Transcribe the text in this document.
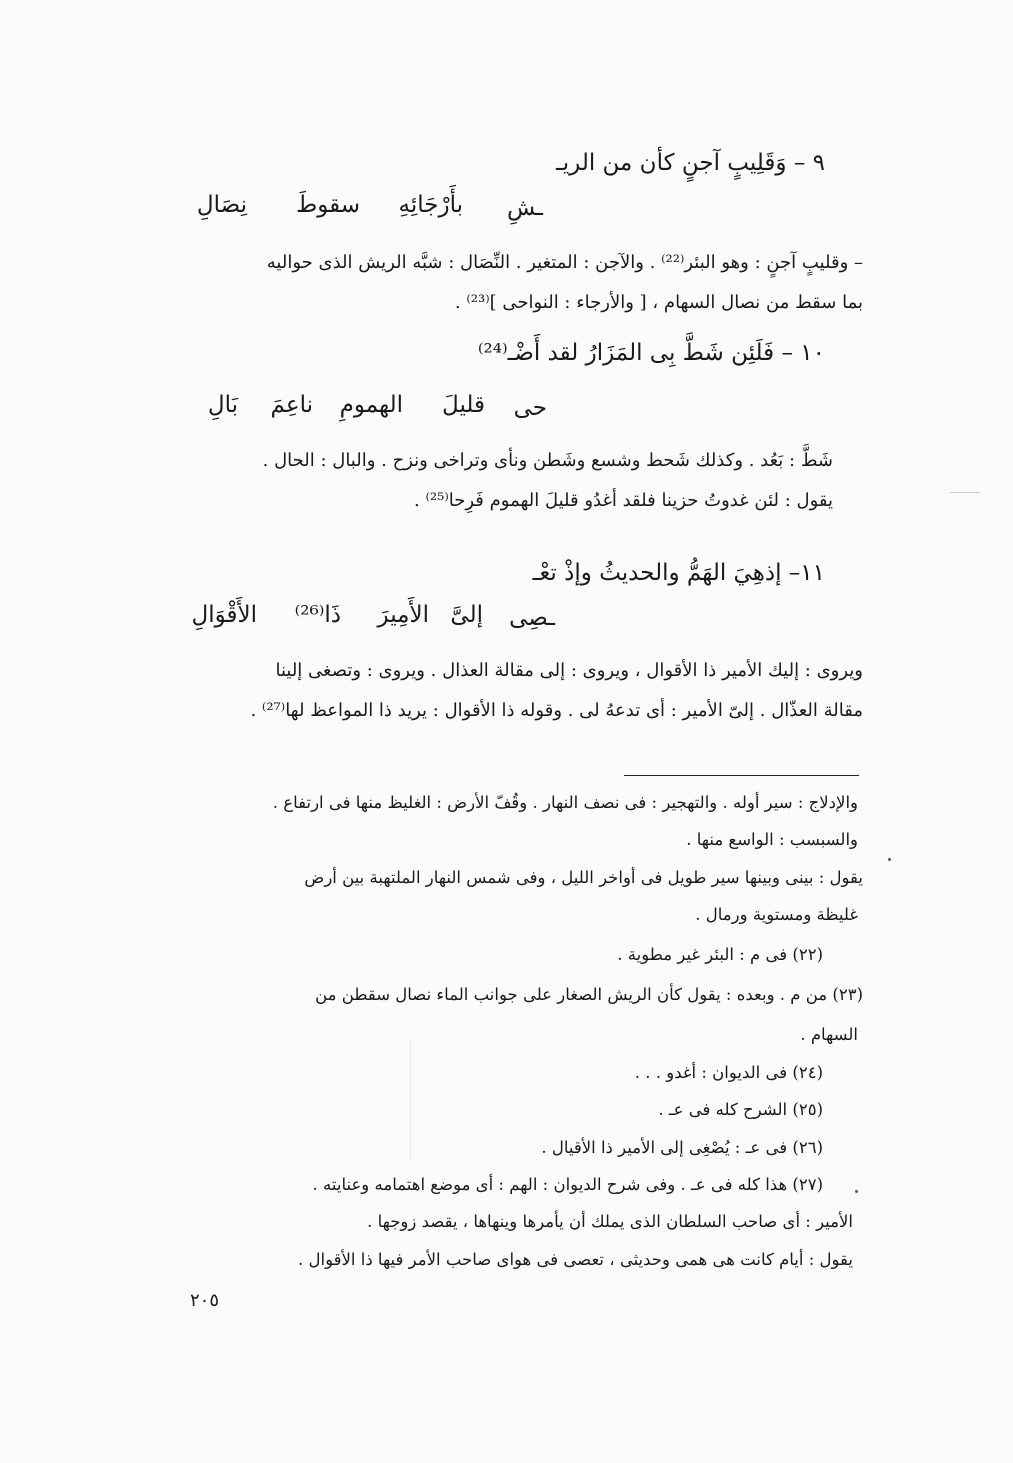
٩ – وَقَلِيبٍ آجنٍ كأن من الريـ
ـشِ
بأَرْجَائِهِ
سقوطَ
نِصَالِ
– وقليبٍ آجنٍ : وهو البئر⁽²²⁾ . والآجن : المتغير . النِّصَال : شبَّه الريش الذى حواليه
بما سقط من نصال السهام ، [ والأرجاء : النواحى ]⁽²³⁾ .
١٠ – فَلَئِن شَطَّ بِى المَزَارُ لقد أَضْـ⁽²⁴⁾
حى
قليلَ
الهمومِ
ناعِمَ
بَالِ
شَطَّ : بَعُد . وكذلك شَحط وشسع وشَطن ونأى وتراخى ونزح . والبال : الحال .
يقول : لئن غدوتُ حزينا فلقد أغدُو قليلَ الهموم فَرِحا⁽²⁵⁾ .
١١– إذهِيَ الهَمُّ والحديثُ وإذْ تعْـ
ـصِى
إلىَّ
الأَمِيرَ
ذَا⁽²⁶⁾
الأَقْوَالِ
ويروى : إليك الأمير ذا الأقوال ، ويروى : إلى مقالة العذال . ويروى : وتصغى إلينا
مقالة العذّال . إلىّ الأمير : أى تدعهُ لى . وقوله ذا الأقوال : يريد ذا المواعظ لها⁽²⁷⁾ .
والإدلاج : سير أوله . والتهجير : فى نصف النهار . وقُفّ الأرض : الغليظ منها فى ارتفاع .
والسبسب : الواسع منها .
يقول : بينى وبينها سير طويل فى أواخر الليل ، وفى شمس النهار الملتهبة بين أرض
غليظة ومستوية ورمال .
(٢٢) فى م : البئر غير مطوية .
(٢٣) من م . وبعده : يقول كأن الريش الصغار على جوانب الماء نصال سقطن من
السهام .
(٢٤) فى الديوان : أغدو . . .
(٢٥) الشرح كله فى عـ .
(٢٦) فى عـ : يُصْغِى إلى الأمير ذا الأقيال .
(٢٧) هذا كله فى عـ . وفى شرح الديوان : الهم : أى موضع اهتمامه وعنايته .
الأمير : أى صاحب السلطان الذى يملك أن يأمرها وينهاها ، يقصد زوجها .
يقول : أيام كانت هى همى وحديثى ، تعصى فى هواى صاحب الأمر فيها ذا الأقوال .
٢٠٥
